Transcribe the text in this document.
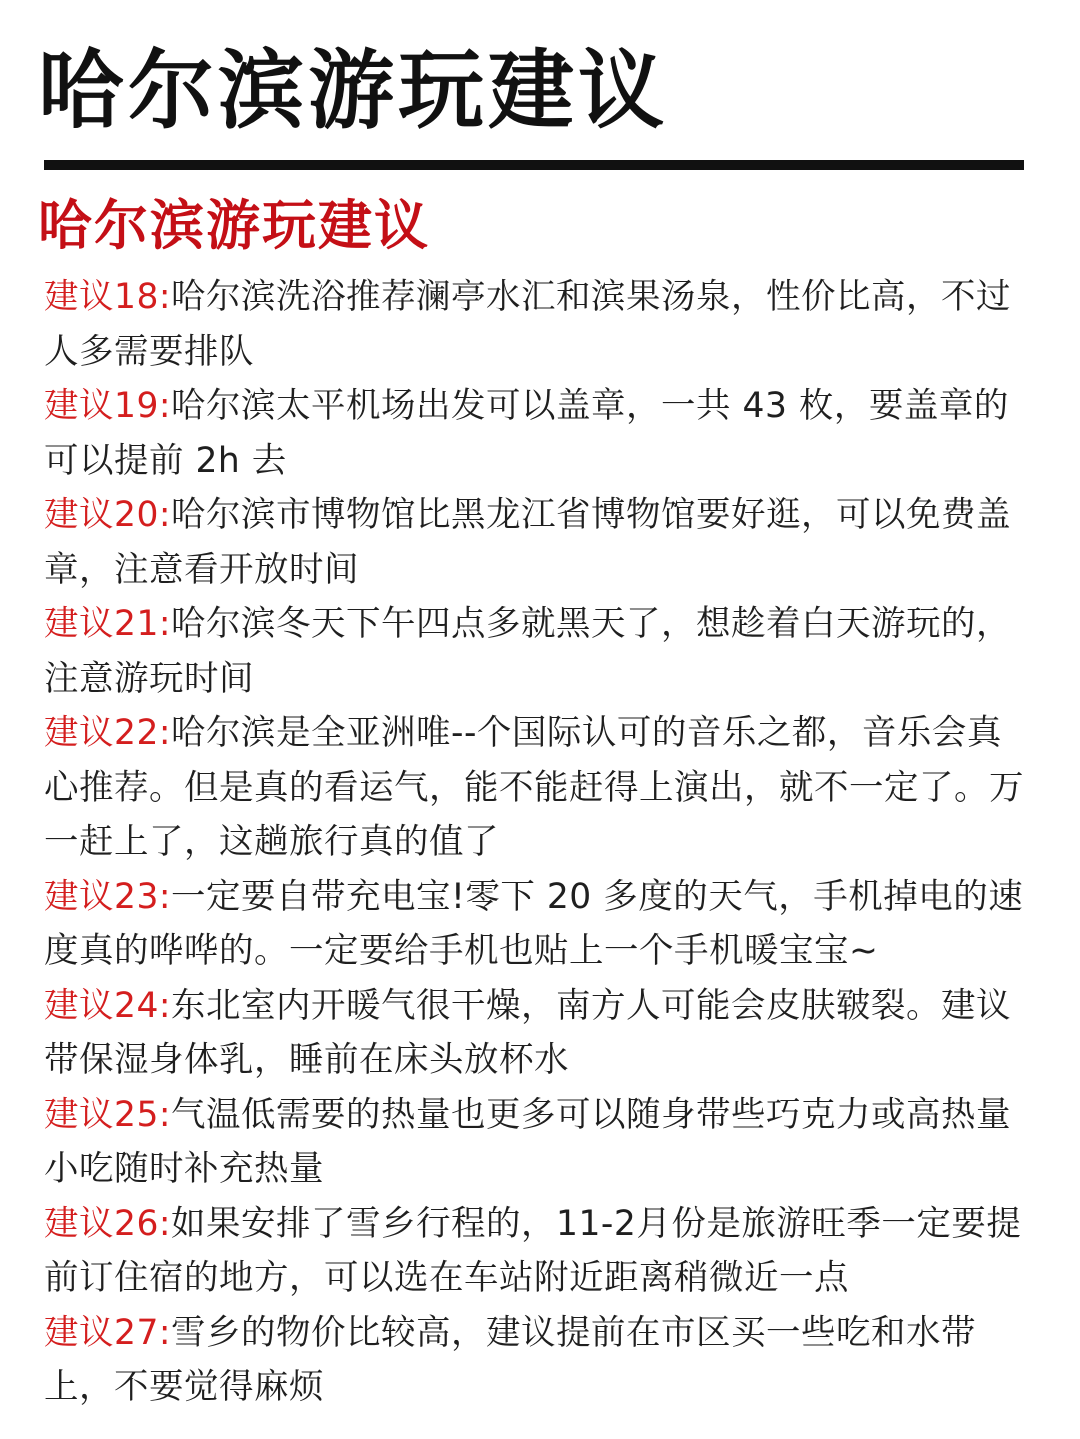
哈尔滨游玩建议
哈尔滨游玩建议
建议18:哈尔滨洗浴推荐澜亭水汇和滨果汤泉，性价比高，不过人多需要排队
建议19:哈尔滨太平机场出发可以盖章，一共 43 枚，要盖章的可以提前 2h 去
建议20:哈尔滨市博物馆比黑龙江省博物馆要好逛，可以免费盖章，注意看开放时间
建议21:哈尔滨冬天下午四点多就黑天了，想趁着白天游玩的，注意游玩时间
建议22:哈尔滨是全亚洲唯--个国际认可的音乐之都，音乐会真心推荐。但是真的看运气，能不能赶得上演出，就不一定了。万一赶上了，这趟旅行真的值了
建议23:一定要自带充电宝!零下 20 多度的天气，手机掉电的速度真的哗哗的。一定要给手机也贴上一个手机暖宝宝~
建议24:东北室内开暖气很干燥，南方人可能会皮肤皲裂。建议带保湿身体乳，睡前在床头放杯水
建议25:气温低需要的热量也更多可以随身带些巧克力或高热量小吃随时补充热量
建议26:如果安排了雪乡行程的，11-2月份是旅游旺季一定要提前订住宿的地方，可以选在车站附近距离稍微近一点
建议27:雪乡的物价比较高，建议提前在市区买一些吃和水带上，不要觉得麻烦
